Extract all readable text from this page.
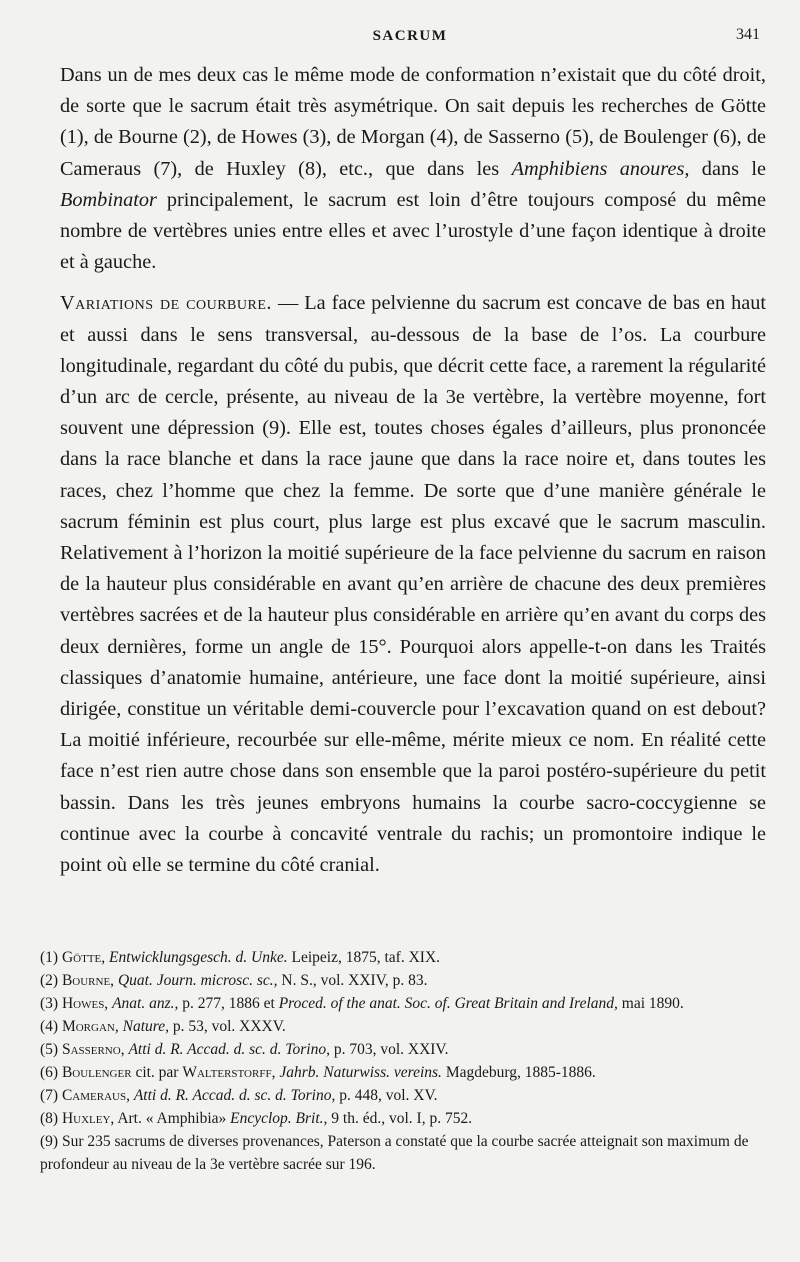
SACRUM	341

Dans un de mes deux cas le même mode de conformation n’existait que du côté droit, de sorte que le sacrum était très asymétrique. On sait depuis les recherches de Götte (1), de Bourne (2), de Howes (3), de Morgan (4), de Sasserno (5), de Boulenger (6), de Cameraus (7), de Huxley (8), etc., que dans les Amphibiens anoures, dans le Bombinator principalement, le sacrum est loin d’être toujours composé du même nombre de vertèbres unies entre elles et avec l’urostyle d’une façon identique à droite et à gauche.

Variations de courbure. — La face pelvienne du sacrum est concave de bas en haut et aussi dans le sens transversal, au-dessous de la base de l’os. La courbure longitudinale, regardant du côté du pubis, que décrit cette face, a rarement la régularité d’un arc de cercle, présente, au niveau de la 3e vertèbre, la vertèbre moyenne, fort souvent une dépression (9). Elle est, toutes choses égales d’ailleurs, plus prononcée dans la race blanche et dans la race jaune que dans la race noire et, dans toutes les races, chez l’homme que chez la femme. De sorte que d’une manière générale le sacrum féminin est plus court, plus large est plus excavé que le sacrum masculin. Relativement à l’horizon la moitié supérieure de la face pelvienne du sacrum en raison de la hauteur plus considérable en avant qu’en arrière de chacune des deux premières vertèbres sacrées et de la hauteur plus considérable en arrière qu’en avant du corps des deux dernières, forme un angle de 15°. Pourquoi alors appelle-t-on dans les Traités classiques d’anatomie humaine, antérieure, une face dont la moitié supérieure, ainsi dirigée, constitue un véritable demi-couvercle pour l’excavation quand on est debout? La moitié inférieure, recourbée sur elle-même, mérite mieux ce nom. En réalité cette face n’est rien autre chose dans son ensemble que la paroi postéro-supérieure du petit bassin. Dans les très jeunes embryons humains la courbe sacro-coccygienne se continue avec la courbe à concavité ventrale du rachis; un promontoire indique le point où elle se termine du côté cranial.

(1) Götte, Entwicklungsgesch. d. Unke. Leipeiz, 1875, taf. XIX.
(2) Bourne, Quat. Journ. microsc. sc., N. S., vol. XXIV, p. 83.
(3) Howes, Anat. anz., p. 277, 1886 et Proced. of the anat. Soc. of. Great Britain and Ireland, mai 1890.
(4) Morgan, Nature, p. 53, vol. XXXV.
(5) Sasserno, Atti d. R. Accad. d. sc. d. Torino, p. 703, vol. XXIV.
(6) Boulenger cit. par Walterstorff, Jahrb. Naturwiss. vereins. Magdeburg, 1885-1886.
(7) Cameraus, Atti d. R. Accad. d. sc. d. Torino, p. 448, vol. XV.
(8) Huxley, Art. « Amphibia» Encyclop. Brit., 9 th. éd., vol. I, p. 752.
(9) Sur 235 sacrums de diverses provenances, Paterson a constaté que la courbe sacrée atteignait son maximum de profondeur au niveau de la 3e vertèbre sacrée sur 196.
